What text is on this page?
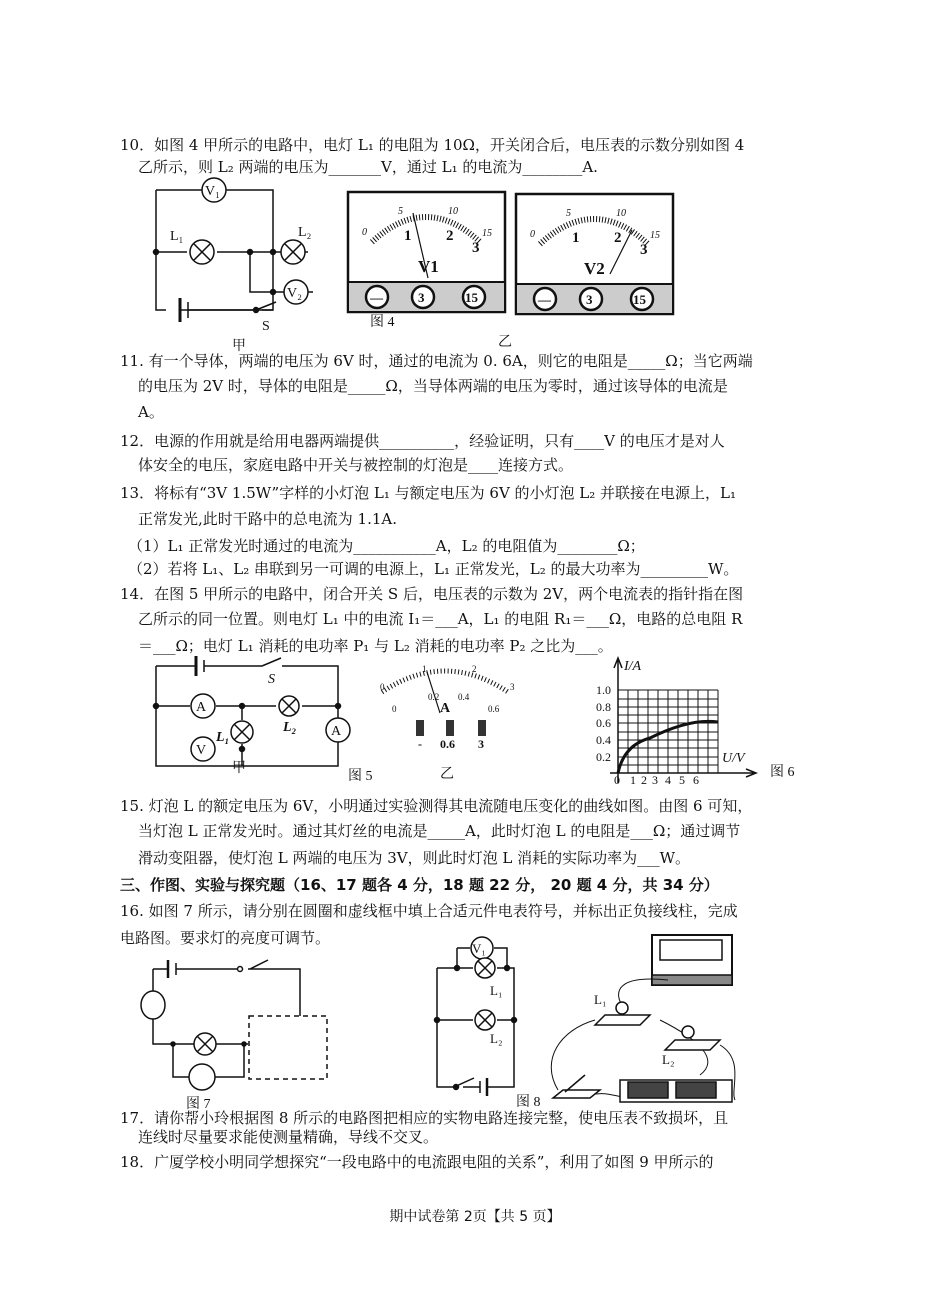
10．如图 4 甲所示的电路中，电灯 L₁ 的电阻为 10Ω，开关闭合后，电压表的示数分别如图 4
乙所示，则 L₂ 两端的电压为_______V，通过 L₁ 的电流为________A.
V₁
V₂
L₁	L₂
S
甲
图 4
乙
0
5	10
15	0
5	10
15
1 2
3
1 2
3
V1	V2
—	3	15	—	3	15
A
A
V
S
L₂
L₁
甲
图 5	乙
0
1	2
3
0
0.2 0.4
0.6
A
- 0.6 3
I/A
U/V
1.0
0.8
0.6
0.4
0.2
0 1 2 3 4 5 6	图 6
V₁
L₁
L₂
L₁
L₂
图 8
图 7
11. 有一个导体，两端的电压为 6V 时，通过的电流为 0. 6A，则它的电阻是_____Ω；当它两端
的电压为 2V 时，导体的电阻是_____Ω，当导体两端的电压为零时，通过该导体的电流是
A。
12．电源的作用就是给用电器两端提供__________，经验证明，只有____V 的电压才是对人
体安全的电压，家庭电路中开关与被控制的灯泡是____连接方式。
13．将标有“3V 1.5W”字样的小灯泡 L₁ 与额定电压为 6V 的小灯泡 L₂ 并联接在电源上，L₁
正常发光,此时干路中的总电流为 1.1A.
（1）L₁ 正常发光时通过的电流为___________A，L₂ 的电阻值为________Ω；
（2）若将 L₁、L₂ 串联到另一可调的电源上，L₁ 正常发光，L₂ 的最大功率为_________W。
14．在图 5 甲所示的电路中，闭合开关 S 后，电压表的示数为 2V，两个电流表的指针指在图
乙所示的同一位置。则电灯 L₁ 中的电流 I₁＝___A，L₁ 的电阻 R₁＝___Ω，电路的总电阻 R
＝___Ω；电灯 L₁ 消耗的电功率 P₁ 与 L₂ 消耗的电功率 P₂ 之比为___。
15. 灯泡 L 的额定电压为 6V，小明通过实验测得其电流随电压变化的曲线如图。由图 6 可知，
当灯泡 L 正常发光时。通过其灯丝的电流是_____A，此时灯泡 L 的电阻是___Ω；通过调节
滑动变阻器，使灯泡 L 两端的电压为 3V，则此时灯泡 L 消耗的实际功率为___W。
三、作图、实验与探究题（16、17 题各 4 分，18 题 22 分， 20 题 4 分，共 34 分）
16. 如图 7 所示，请分别在圆圈和虚线框中填上合适元件电表符号，并标出正负接线柱，完成
电路图。要求灯的亮度可调节。
17．请你帮小玲根据图 8 所示的电路图把相应的实物电路连接完整，使电压表不致损坏，且
连线时尽量要求能使测量精确，导线不交叉。
18．广厦学校小明同学想探究“一段电路中的电流跟电阻的关系”，利用了如图 9 甲所示的
期中试卷第 2页【共 5 页】
